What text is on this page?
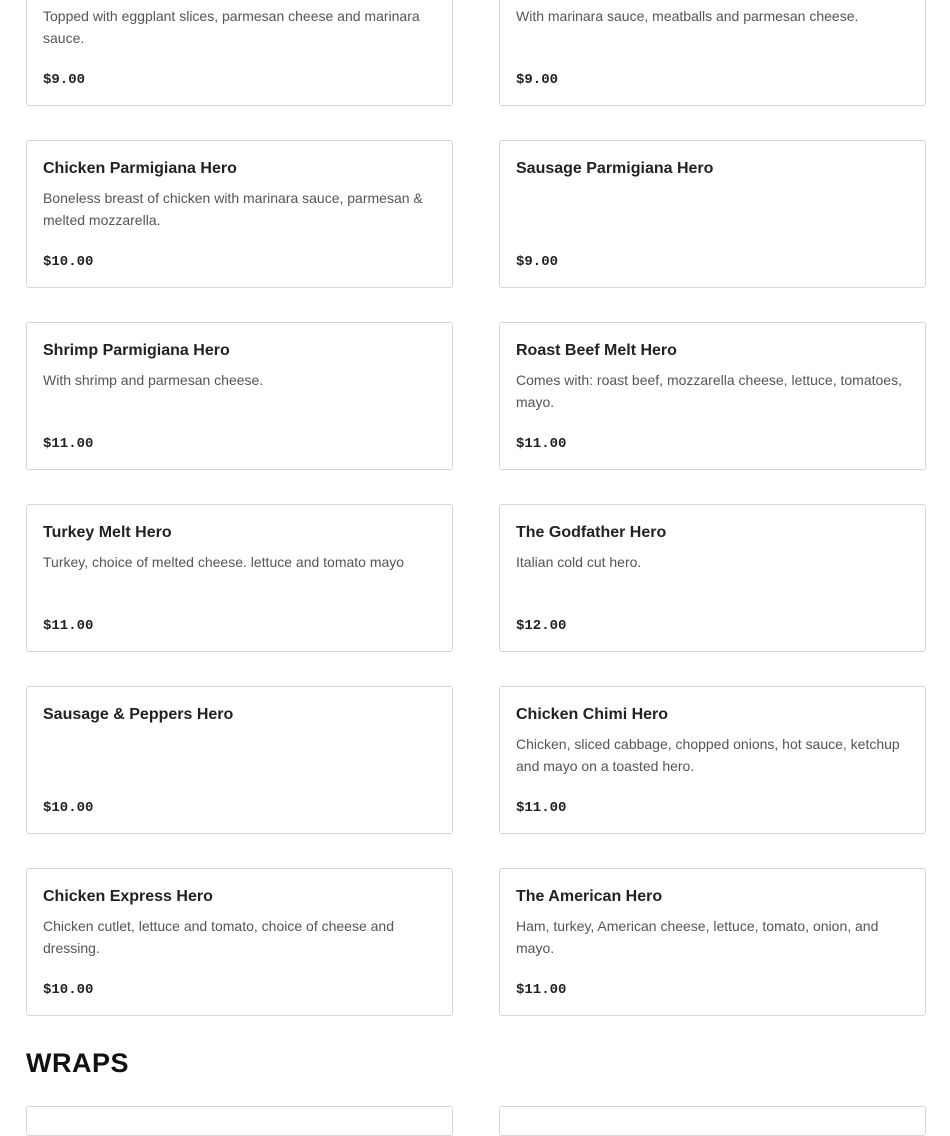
Topped with eggplant slices, parmesan cheese and marinara sauce.
$9.00
With marinara sauce, meatballs and parmesan cheese.
$9.00
Chicken Parmigiana Hero
Boneless breast of chicken with marinara sauce, parmesan & melted mozzarella.
$10.00
Sausage Parmigiana Hero
$9.00
Shrimp Parmigiana Hero
With shrimp and parmesan cheese.
$11.00
Roast Beef Melt Hero
Comes with: roast beef, mozzarella cheese, lettuce, tomatoes, mayo.
$11.00
Turkey Melt Hero
Turkey, choice of melted cheese. lettuce and tomato mayo
$11.00
The Godfather Hero
Italian cold cut hero.
$12.00
Sausage & Peppers Hero
$10.00
Chicken Chimi Hero
Chicken, sliced cabbage, chopped onions, hot sauce, ketchup and mayo on a toasted hero.
$11.00
Chicken Express Hero
Chicken cutlet, lettuce and tomato, choice of cheese and dressing.
$10.00
The American Hero
Ham, turkey, American cheese, lettuce, tomato, onion, and mayo.
$11.00
WRAPS
